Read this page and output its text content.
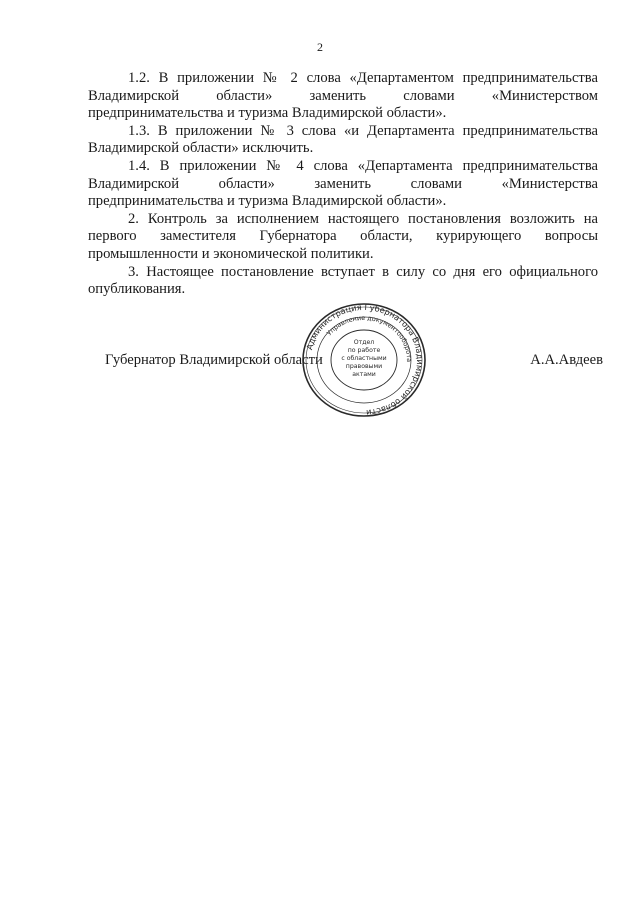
2

1.2. В приложении № 2 слова «Департаментом предпринимательства
Владимирской области» заменить словами «Министерством
предпринимательства и туризма Владимирской области».

1.3. В приложении № 3 слова «и Департамента предпринимательства
Владимирской области» исключить.

1.4. В приложении № 4 слова «Департамента предпринимательства
Владимирской области» заменить словами «Министерства
предпринимательства и туризма Владимирской области».

2. Контроль за исполнением настоящего постановления возложить на
первого заместителя Губернатора области, курирующего вопросы
промышленности и экономической политики.

3. Настоящее постановление вступает в силу со дня его официального
опубликования.

Губернатор Владимирской области	А.А.Авдеев
Администрация Губернатора Владимирской области
Управление документооборота
Отдел
по работе
с областными
правовыми
актами
